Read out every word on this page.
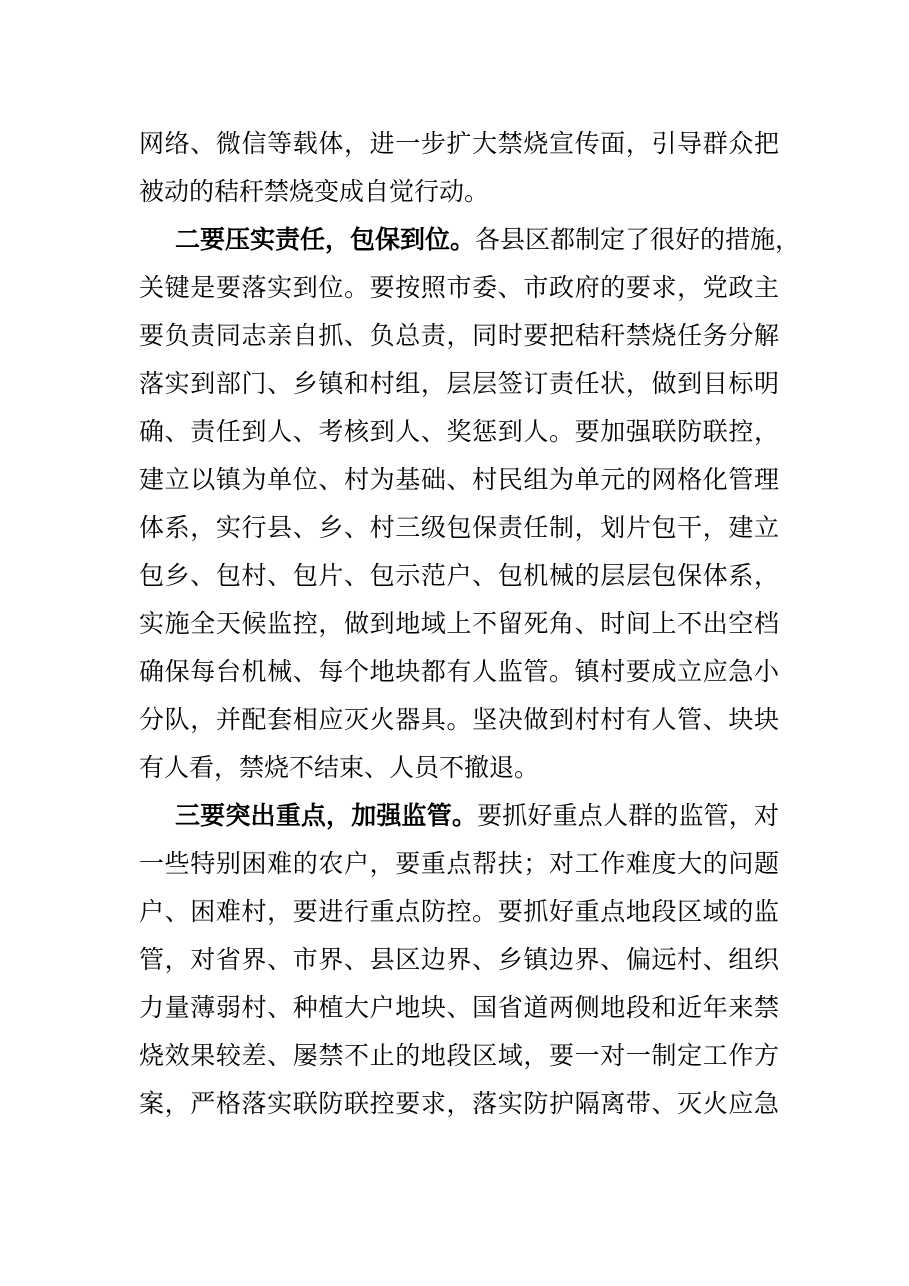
网络、微信等载体，进一步扩大禁烧宣传面，引导群众把
被动的秸秆禁烧变成自觉行动。
二要压实责任，包保到位。各县区都制定了很好的措施，
关键是要落实到位。要按照市委、市政府的要求，党政主
要负责同志亲自抓、负总责，同时要把秸秆禁烧任务分解
落实到部门、乡镇和村组，层层签订责任状，做到目标明
确、责任到人、考核到人、奖惩到人。要加强联防联控，
建立以镇为单位、村为基础、村民组为单元的网格化管理
体系，实行县、乡、村三级包保责任制，划片包干，建立
包乡、包村、包片、包示范户、包机械的层层包保体系，
实施全天候监控，做到地域上不留死角、时间上不出空档
确保每台机械、每个地块都有人监管。镇村要成立应急小
分队，并配套相应灭火器具。坚决做到村村有人管、块块
有人看，禁烧不结束、人员不撤退。
三要突出重点，加强监管。要抓好重点人群的监管，对
一些特别困难的农户，要重点帮扶；对工作难度大的问题
户、困难村，要进行重点防控。要抓好重点地段区域的监
管，对省界、市界、县区边界、乡镇边界、偏远村、组织
力量薄弱村、种植大户地块、国省道两侧地段和近年来禁
烧效果较差、屡禁不止的地段区域，要一对一制定工作方
案，严格落实联防联控要求，落实防护隔离带、灭火应急
